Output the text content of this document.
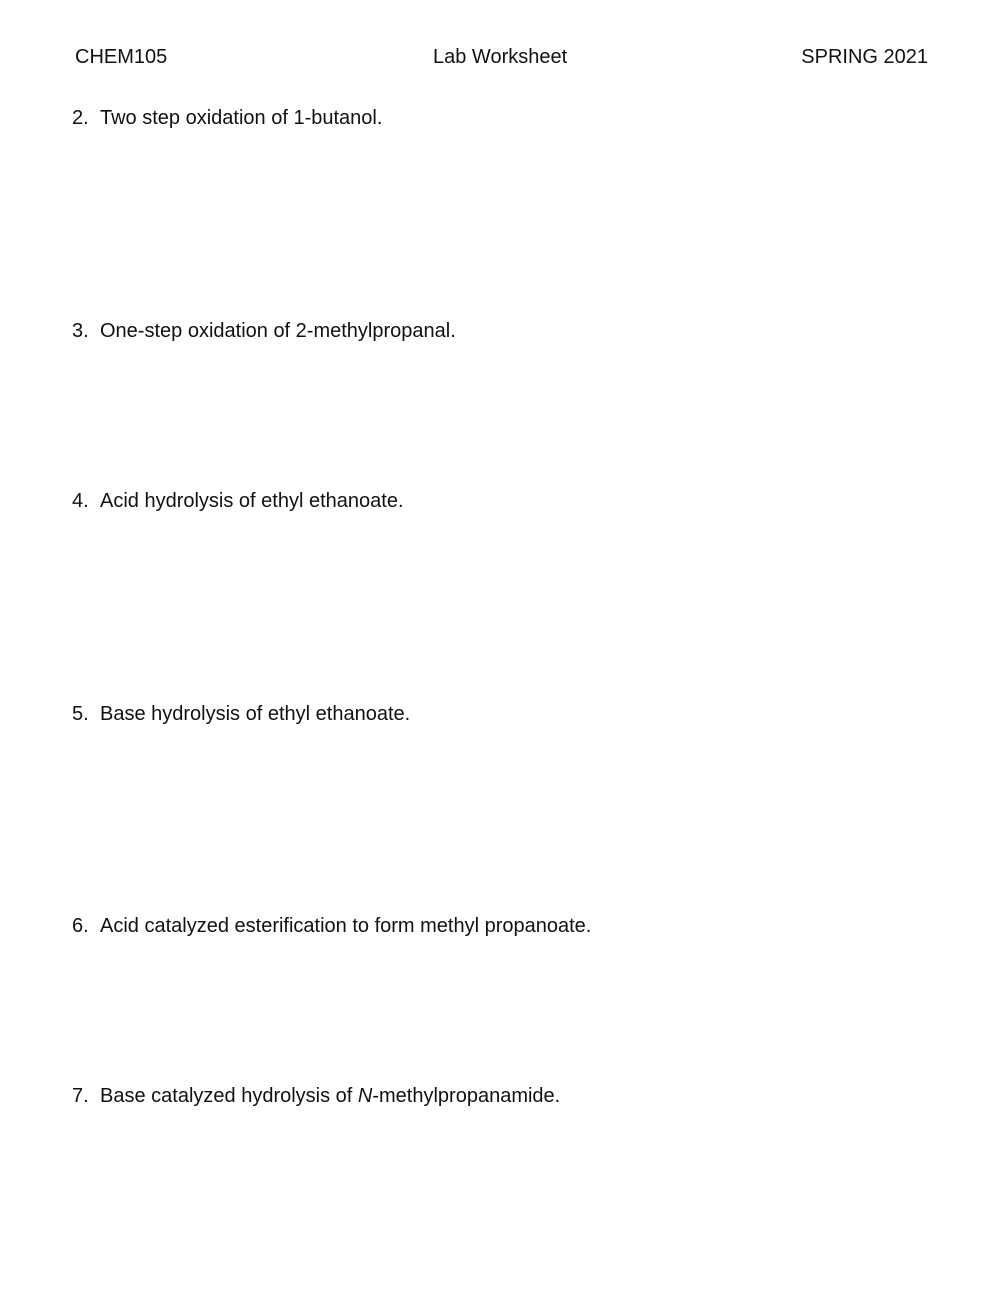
CHEM105	Lab Worksheet	SPRING 2021
2. Two step oxidation of 1-butanol.
3. One-step oxidation of 2-methylpropanal.
4. Acid hydrolysis of ethyl ethanoate.
5. Base hydrolysis of ethyl ethanoate.
6. Acid catalyzed esterification to form methyl propanoate.
7. Base catalyzed hydrolysis of N-methylpropanamide.
